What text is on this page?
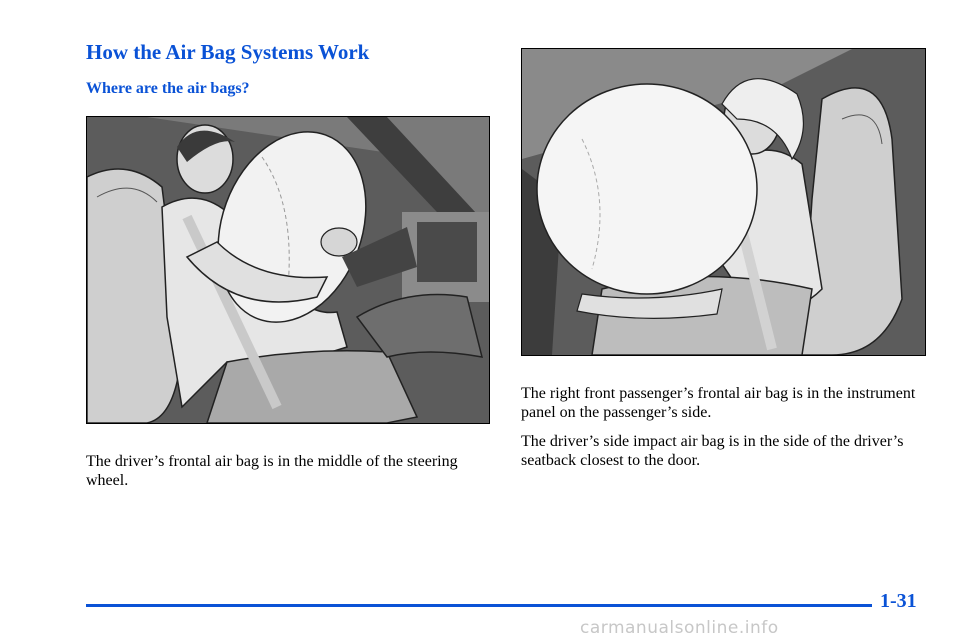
How the Air Bag Systems Work
Where are the air bags?

The driver’s frontal air bag is in the middle of the steering wheel.

The right front passenger’s frontal air bag is in the instrument panel on the passenger’s side.

The driver’s side impact air bag is in the side of the driver’s seatback closest to the door.

1-31
carmanualsonline.info
